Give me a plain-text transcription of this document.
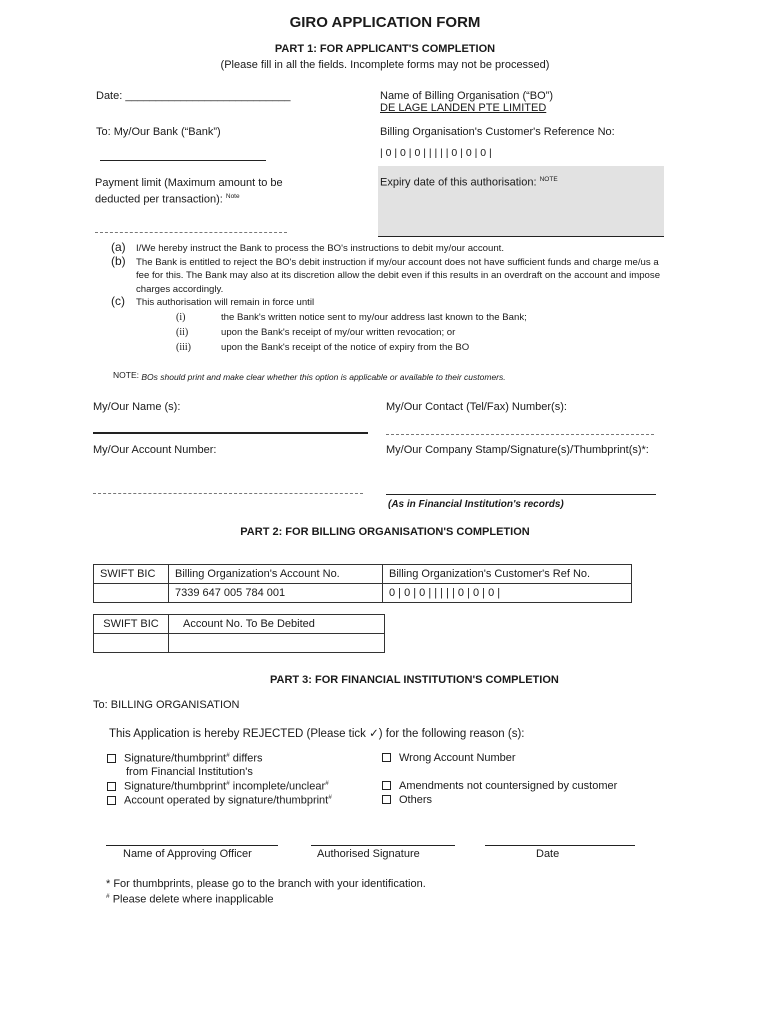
GIRO APPLICATION FORM
PART 1: FOR APPLICANT'S COMPLETION
(Please fill in all the fields. Incomplete forms may not be processed)
Date: ___________________________	Name of Billing Organisation (“BO”)
DE LAGE LANDEN PTE LIMITED
To: My/Our Bank (“Bank”)	Billing Organisation's Customer's Reference No:
| 0 | 0 | 0 | | | | | 0 | 0 | 0 |
Payment limit (Maximum amount to be
deducted per transaction): $^{Note}$
Expiry date of this authorisation: $^{NOTE}$
(a) I/We hereby instruct the Bank to process the BO's instructions to debit my/our account.
(b) The Bank is entitled to reject the BO's debit instruction if my/our account does not have sufficient funds and charge me/us a fee for this. The Bank may also at its discretion allow the debit even if this results in an overdraft on the account and impose charges accordingly.
(c) This authorisation will remain in force until
(i)	the Bank's written notice sent to my/our address last known to the Bank;
(ii)	upon the Bank's receipt of my/our written revocation; or
(iii)	upon the Bank's receipt of the notice of expiry from the BO
NOTE: BOs should print and make clear whether this option is applicable or available to their customers.
My/Our Name (s):	My/Our Contact (Tel/Fax) Number(s):
My/Our Account Number:	My/Our Company Stamp/Signature(s)/Thumbprint(s)*:
(As in Financial Institution's records)
PART 2: FOR BILLING ORGANISATION'S COMPLETION
SWIFT BIC	Billing Organization's Account No.	Billing Organization's Customer's Ref No.
	7339 647 005 784 001	0 | 0 | 0 | | | | | 0 | 0 | 0 |
SWIFT BIC	Account No. To Be Debited

PART 3: FOR FINANCIAL INSTITUTION'S COMPLETION
To: BILLING ORGANISATION
This Application is hereby REJECTED (Please tick ✓) for the following reason (s):
Signature/thumbprint# differs
from Financial Institution's
Signature/thumbprint# incomplete/unclear#
Account operated by signature/thumbprint#
Wrong Account Number
Amendments not countersigned by customer
Others
Name of Approving Officer	Authorised Signature	Date
* For thumbprints, please go to the branch with your identification.
# Please delete where inapplicable
